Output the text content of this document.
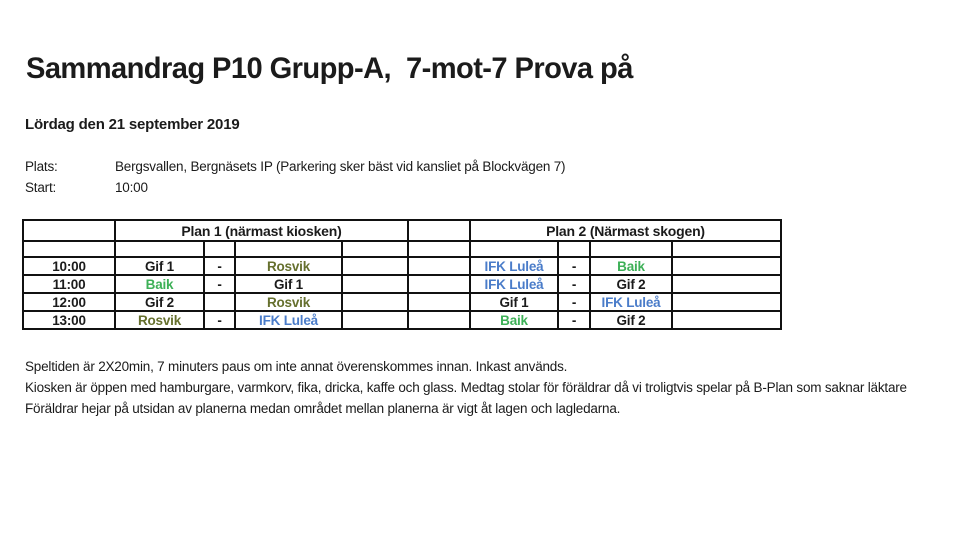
Sammandrag P10 Grupp-A,  7-mot-7 Prova på
Lördag den 21 september 2019
Plats:	Bergsvallen, Bergnäsets IP (Parkering sker bäst vid kansliet på Blockvägen 7)
Start:	10:00
	Plan 1 (närmast kiosken)					Plan 2 (Närmast skogen)			

10:00	Gif 1	-	Rosvik			IFK Luleå	-	Baik	
11:00	Baik	-	Gif 1			IFK Luleå	-	Gif 2	
12:00	Gif 2		Rosvik			Gif 1	-	IFK Luleå	
13:00	Rosvik	-	IFK Luleå			Baik	-	Gif 2	
Speltiden är 2X20min, 7 minuters paus om inte annat överenskommes innan. Inkast används.
Kiosken är öppen med hamburgare, varmkorv, fika, dricka, kaffe och glass. Medtag stolar för föräldrar då vi troligtvis spelar på B-Plan som saknar läktare
Föräldrar hejar på utsidan av planerna medan området mellan planerna är vigt åt lagen och lagledarna.
